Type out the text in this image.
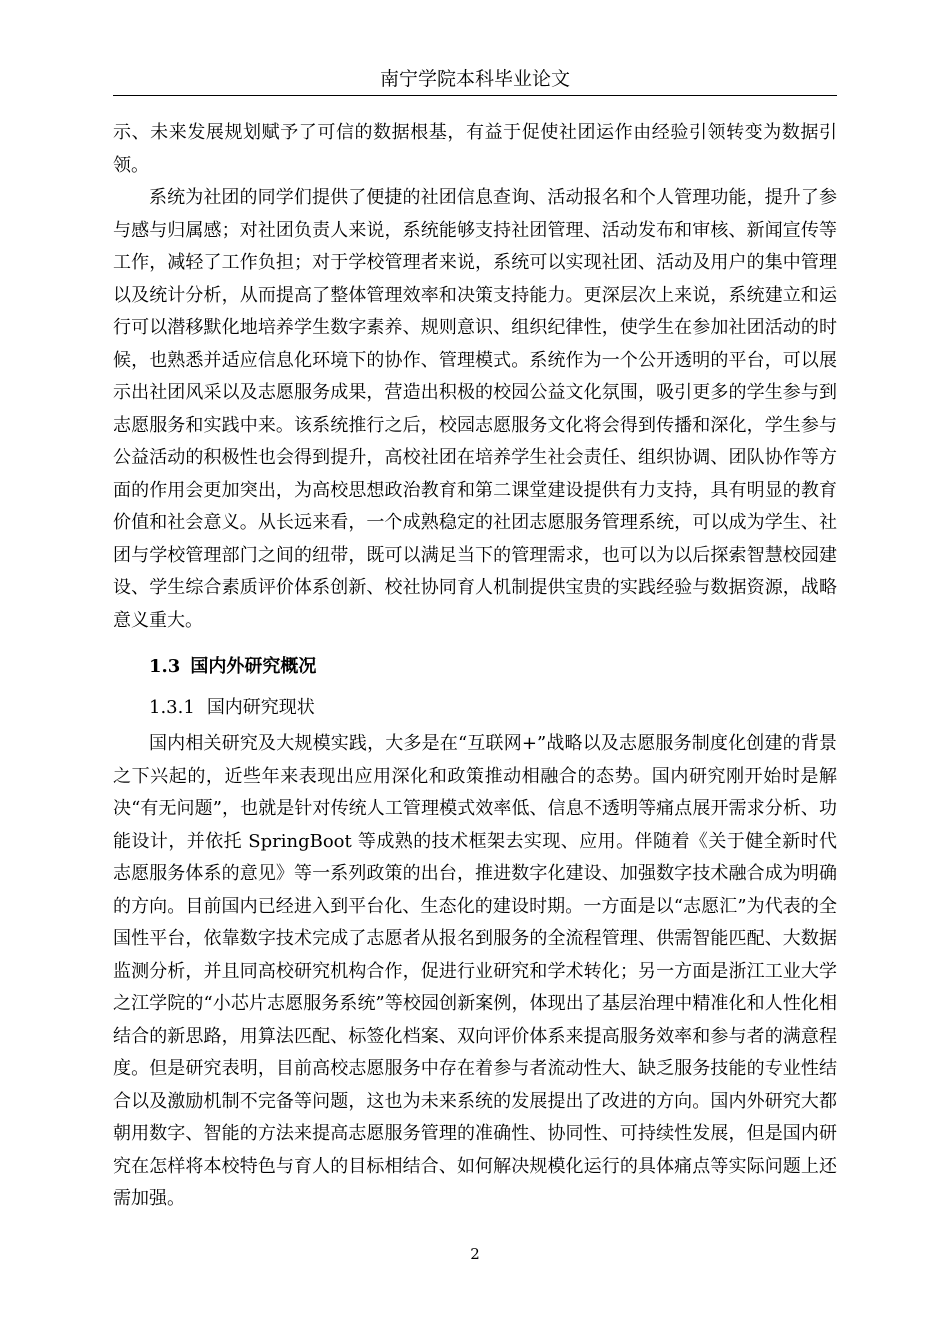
南宁学院本科毕业论文

示、未来发展规划赋予了可信的数据根基，有益于促使社团运作由经验引领转变为数据引领。

系统为社团的同学们提供了便捷的社团信息查询、活动报名和个人管理功能，提升了参与感与归属感；对社团负责人来说，系统能够支持社团管理、活动发布和审核、新闻宣传等工作，减轻了工作负担；对于学校管理者来说，系统可以实现社团、活动及用户的集中管理以及统计分析，从而提高了整体管理效率和决策支持能力。更深层次上来说，系统建立和运行可以潜移默化地培养学生数字素养、规则意识、组织纪律性，使学生在参加社团活动的时候，也熟悉并适应信息化环境下的协作、管理模式。系统作为一个公开透明的平台，可以展示出社团风采以及志愿服务成果，营造出积极的校园公益文化氛围，吸引更多的学生参与到志愿服务和实践中来。该系统推行之后，校园志愿服务文化将会得到传播和深化，学生参与公益活动的积极性也会得到提升，高校社团在培养学生社会责任、组织协调、团队协作等方面的作用会更加突出，为高校思想政治教育和第二课堂建设提供有力支持，具有明显的教育价值和社会意义。从长远来看，一个成熟稳定的社团志愿服务管理系统，可以成为学生、社团与学校管理部门之间的纽带，既可以满足当下的管理需求，也可以为以后探索智慧校园建设、学生综合素质评价体系创新、校社协同育人机制提供宝贵的实践经验与数据资源，战略意义重大。

1.3 国内外研究概况
1.3.1 国内研究现状

国内相关研究及大规模实践，大多是在“互联网+”战略以及志愿服务制度化创建的背景之下兴起的，近些年来表现出应用深化和政策推动相融合的态势。国内研究刚开始时是解决“有无问题”，也就是针对传统人工管理模式效率低、信息不透明等痛点展开需求分析、功能设计，并依托 SpringBoot 等成熟的技术框架去实现、应用。伴随着《关于健全新时代志愿服务体系的意见》等一系列政策的出台，推进数字化建设、加强数字技术融合成为明确的方向。目前国内已经进入到平台化、生态化的建设时期。一方面是以“志愿汇”为代表的全国性平台，依靠数字技术完成了志愿者从报名到服务的全流程管理、供需智能匹配、大数据监测分析，并且同高校研究机构合作，促进行业研究和学术转化；另一方面是浙江工业大学之江学院的“小芯片志愿服务系统”等校园创新案例，体现出了基层治理中精准化和人性化相结合的新思路，用算法匹配、标签化档案、双向评价体系来提高服务效率和参与者的满意程度。但是研究表明，目前高校志愿服务中存在着参与者流动性大、缺乏服务技能的专业性结合以及激励机制不完备等问题，这也为未来系统的发展提出了改进的方向。国内外研究大都朝用数字、智能的方法来提高志愿服务管理的准确性、协同性、可持续性发展，但是国内研究在怎样将本校特色与育人的目标相结合、如何解决规模化运行的具体痛点等实际问题上还需加强。

2
